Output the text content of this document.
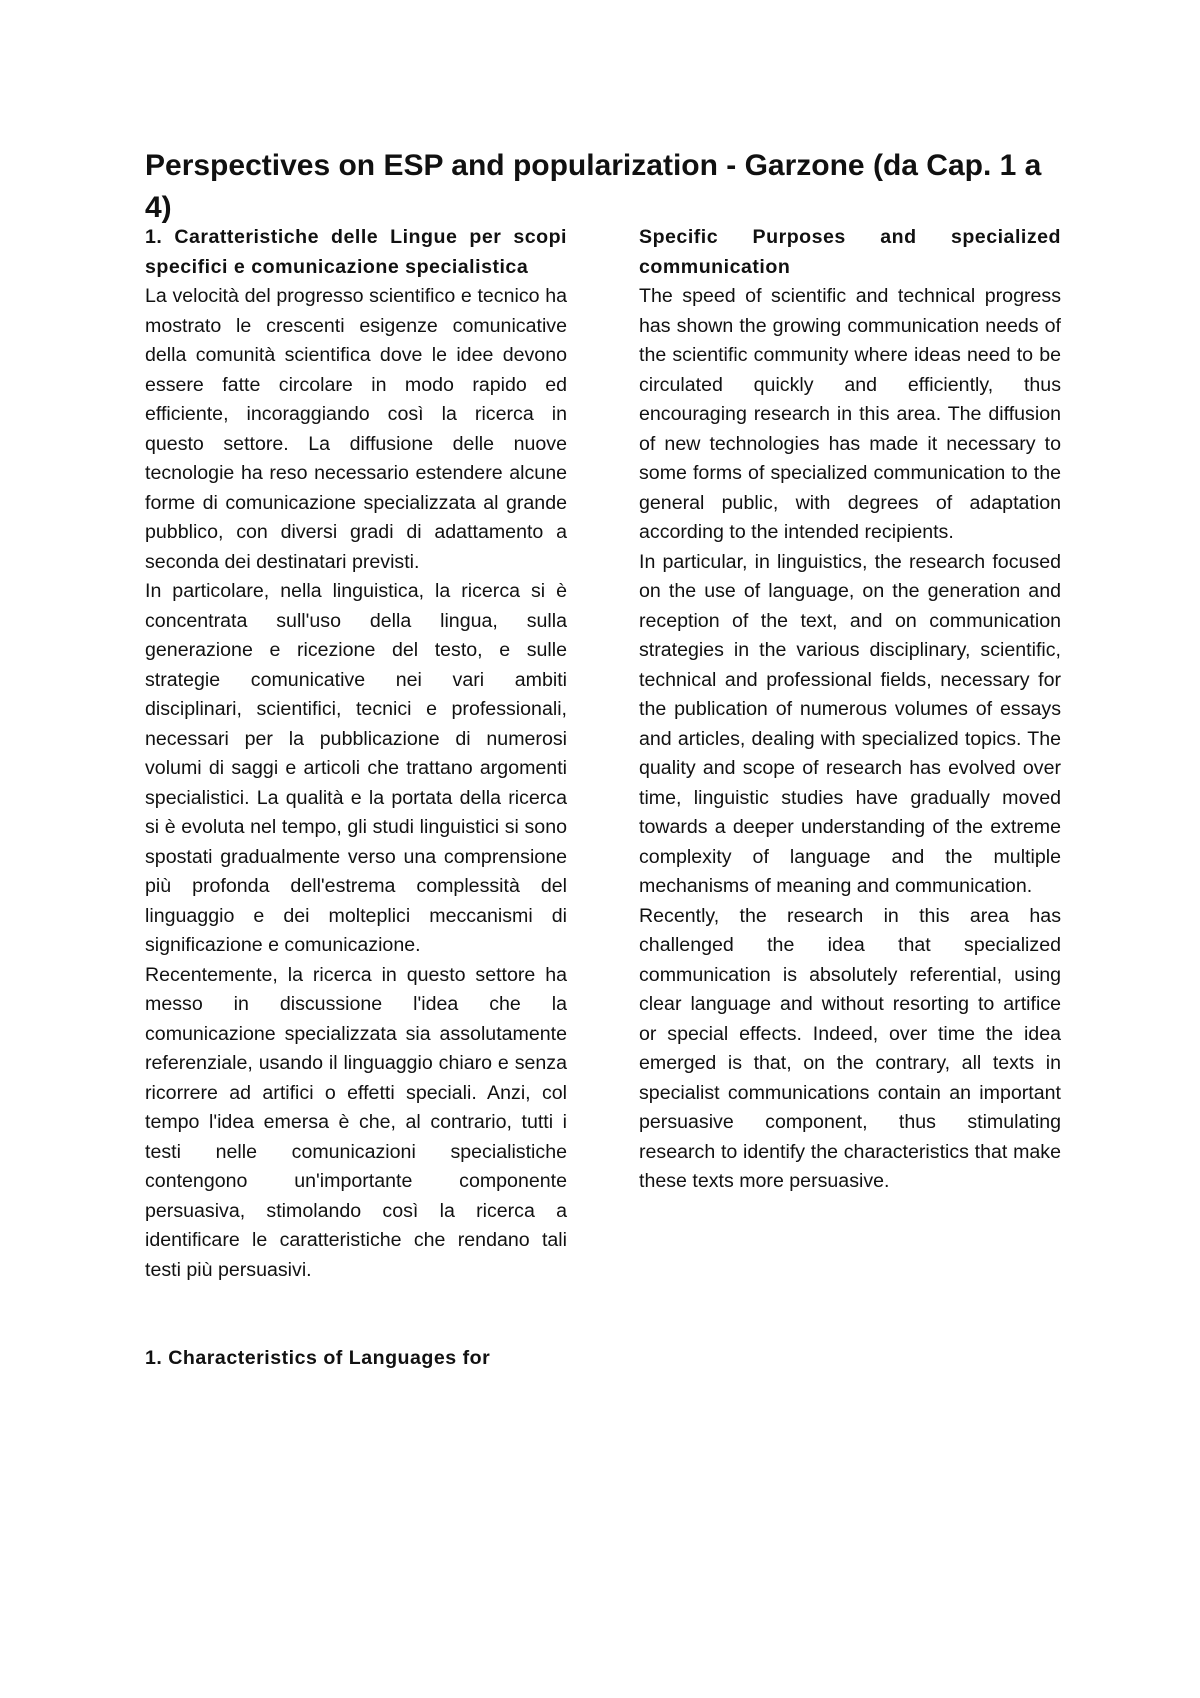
Perspectives on ESP and popularization - Garzone (da Cap. 1 a 4)

1. Caratteristiche delle Lingue per scopi specifici e comunicazione specialistica

La velocità del progresso scientifico e tecnico ha mostrato le crescenti esigenze comunicative della comunità scientifica dove le idee devono essere fatte circolare in modo rapido ed efficiente, incoraggiando così la ricerca in questo settore. La diffusione delle nuove tecnologie ha reso necessario estendere alcune forme di comunicazione specializzata al grande pubblico, con diversi gradi di adattamento a seconda dei destinatari previsti.

In particolare, nella linguistica, la ricerca si è concentrata sull'uso della lingua, sulla generazione e ricezione del testo, e sulle strategie comunicative nei vari ambiti disciplinari, scientifici, tecnici e professionali, necessari per la pubblicazione di numerosi volumi di saggi e articoli che trattano argomenti specialistici. La qualità e la portata della ricerca si è evoluta nel tempo, gli studi linguistici si sono spostati gradualmente verso una comprensione più profonda dell'estrema complessità del linguaggio e dei molteplici meccanismi di significazione e comunicazione.

Recentemente, la ricerca in questo settore ha messo in discussione l'idea che la comunicazione specializzata sia assolutamente referenziale, usando il linguaggio chiaro e senza ricorrere ad artifici o effetti speciali. Anzi, col tempo l'idea emersa è che, al contrario, tutti i testi nelle comunicazioni specialistiche contengono un'importante componente persuasiva, stimolando così la ricerca a identificare le caratteristiche che rendano tali testi più persuasivi.

1. Characteristics of Languages for

Specific Purposes and specialized communication

The speed of scientific and technical progress has shown the growing communication needs of the scientific community where ideas need to be circulated quickly and efficiently, thus encouraging research in this area. The diffusion of new technologies has made it necessary to some forms of specialized communication to the general public, with degrees of adaptation according to the intended recipients.

In particular, in linguistics, the research focused on the use of language, on the generation and reception of the text, and on communication strategies in the various disciplinary, scientific, technical and professional fields, necessary for the publication of numerous volumes of essays and articles, dealing with specialized topics. The quality and scope of research has evolved over time, linguistic studies have gradually moved towards a deeper understanding of the extreme complexity of language and the multiple mechanisms of meaning and communication.

Recently, the research in this area has challenged the idea that specialized communication is absolutely referential, using clear language and without resorting to artifice or special effects. Indeed, over time the idea emerged is that, on the contrary, all texts in specialist communications contain an important persuasive component, thus stimulating research to identify the characteristics that make these texts more persuasive.
